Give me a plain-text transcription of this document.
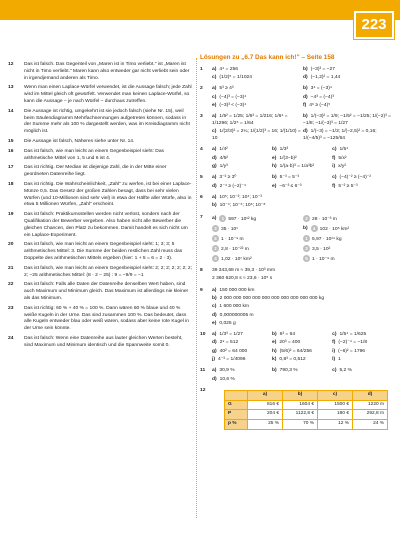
223
12	Das ist falsch. Das Gegenteil von „Maren ist in Timo verliebt." ist „Maren ist nicht in Timo verliebt." Maren kann also entweder gar nicht verliebt sein oder in irgendjemand anderen als Timo.
13	Wenn man einen Laplace-Würfel verwendet, ist die Aussage falsch; jede Zahl wird im Mittel gleich oft gewürfelt. Verwendet man keinen Laplace-Würfel, so kann die Aussage – je nach Würfel – durchaus zutreffen.
14	Die Aussage ist richtig, umgekehrt ist sie jedoch falsch (siehe Nr. 15), weil beim Säulendiagramm Mehrfachnennungen aufgetreten können, sodass in der Summe mehr als 100 % dargestellt werden, was im Kreisdiagramm nicht möglich ist.
15	Die Aussage ist falsch, Näheres siehe unter Nr. 14.
16	Das ist falsch, wie man leicht an einem Gegenbeispiel sieht: Das arithmetische Mittel von 1, 5 und 6 ist 4.
17	Das ist richtig. Der Median ist diejenige Zahl, die in der Mitte einer geordneten Datenreihe liegt.
18	Das ist richtig. Die Wahrscheinlichkeit, „Zahl" zu werfen, ist bei einer Laplace-Münze 0,5. Das Gesetz der großen Zahlen besagt, dass bei sehr vielen Würfen (und 10-Millionen sind sehr viel) in etwa der Hälfte aller Würfe, also in etwa 5 Millionen Würfen, „Zahl" erscheint.
19	Das ist falsch: Praktikumsstellen werden nicht verlost, sondern nach der Qualifikation der Bewerber vergeben. Also haben nicht alle Bewerber die gleichen Chancen, den Platz zu bekommen. Damit handelt es sich nicht um ein Laplace-Experiment.
20	Das ist falsch, wie man leicht an einem Gegenbeispiel sieht: 1; 3; 3; 5 arithmetisches Mittel: 3. Die Summe der beiden restlichen Zahl muss das Doppelte des arithmetischen Mittels ergeben (hier: 1 + 5 = 6 = 2 · 3).
21	Das ist falsch, wie man leicht an einem Gegenbeispiel sieht: 2; 2; 2; 2; 2; 2; 2; 2; −25 arithmetisches Mittel: (8 · 2 − 25) : 9 = −9/9 = −1
22	Das ist falsch: Falls alle Daten der Datenreihe denselben Wert haben, sind auch Maximum und Minimum gleich. Das Maximum ist allerdings nie kleiner als das Minimum.
23	Das ist richtig: 60 % + 40 % = 100 %. Dann wären 60 % blaue und 40 % weiße Kugeln in der Urne. Das sind zusammen 100 %. Das bedeutet, dass alle Kugeln entweder blau oder weiß wären, sodass aber keine rote Kugel in der Urne sein könnte.
24	Das ist falsch: Wenn eine Datenreihe aus lauter gleichen Werten besteht, sind Maximum und Minimum identisch und die Spannweite somit 0.
Lösungen zu „6.7 Das kann ich!" – Seite 158
1	a) 4⁴ = 256	b) (−3)³ = −27
c) (1/2)⁵ = 1/1024	d) (−1,2)² = 1,44
2	a) 5³ ≥ 4³	b) 3⁴ = (−3)⁴
c) (−4)³ = (−3)⁴	d) −4³ = (−4)³
e) (−3)³ < (−3)⁴	f) 4⁶ ≥ (−4)⁵
3	a) 1/5² = 1/25; 1/6³ = 1/216; 1/6⁴ = 1/1296; 1/2⁶ = 1/64
b) 1/(−3)² = 1/9; −1/5² = −1/25; 1/(−2)³ = −1/8; −1/(−3)³ = 1/27
c) 1/(2/3)² = 2¼; 1/(1/2)³ = 16; 1/(1/10) = 10
d) 1/(−3) = −1/3; 1/(−2,5)² = 0,16; 1/(−4/5)³ = −125/64
4	a) 1/4²	b) 1/3³	c) 1/5⁴
d) 4/5²	e) 1/(3−b)²	f) 5/x²
g) 1/y³	h) 1/(a·b)³ = 1/a³b³	i) x/y²
5	a) 3⁻² ≥ 3⁰	b) 5⁻³ = 5⁻³	c) (−4)⁻² ≥ (−4)⁻²
d) 2⁻⁴ ≥ (−2)⁻⁴	e) −6⁻³ ≤ 6⁻³	f) 5⁻² ≥ 5⁻³
6	a) 10⁵; 10⁻²; 10⁴; 10⁻³
b) 10⁻⁴; 10⁻⁶; 10⁶; 10⁻⁸
7	a) 1 597 · 10¹² kg	2 28 · 10⁻³ m
3 35 · 10¹	b) 4 102 · 10⁵ km²
5 1 · 10⁻⁹ m	1 5,97 · 10¹⁴ kg
2 2,8 · 10⁻²² m	3 3,5 · 10²
4 1,02 · 10⁷ km²	5 1 · 10⁻⁹ m
8	39 343,68 m ≈ 39,3 · 10³ mm
2 360 620,8 s ≈ 23,6 · 10⁵ s
9	a) 150 000 000 km
b) 2 000 000 000 000 000 000 000 000 000 000 kg
c) 1 600 000 km
d) 0,000000005 m
e) 0,025 g
10	a) 1/3³ = 1/27	b) 6³ = 64	c) 1/5⁴ = 1/625
d) 2⁹ = 512	e) 20³ = 400	f) (−2)⁻⁴ = −1/8
g) 40² = 64 000	h) (5/6)² = 64/256	i) (−6)² = 1796
j) 4⁻³ = 1/4096	k) 0,8³ = 0,512	l) 1
11	a) 30,9 %	b) 790,3 %	c) 5,2 %
d) 10,6 %
12
	a)	b)	c)	d)
G	816 €	1604 €	1500 €	1220 m
P	204 €	1122,8 €	180 €	292,8 m
p %	25 %	70 %	12 %	24 %
